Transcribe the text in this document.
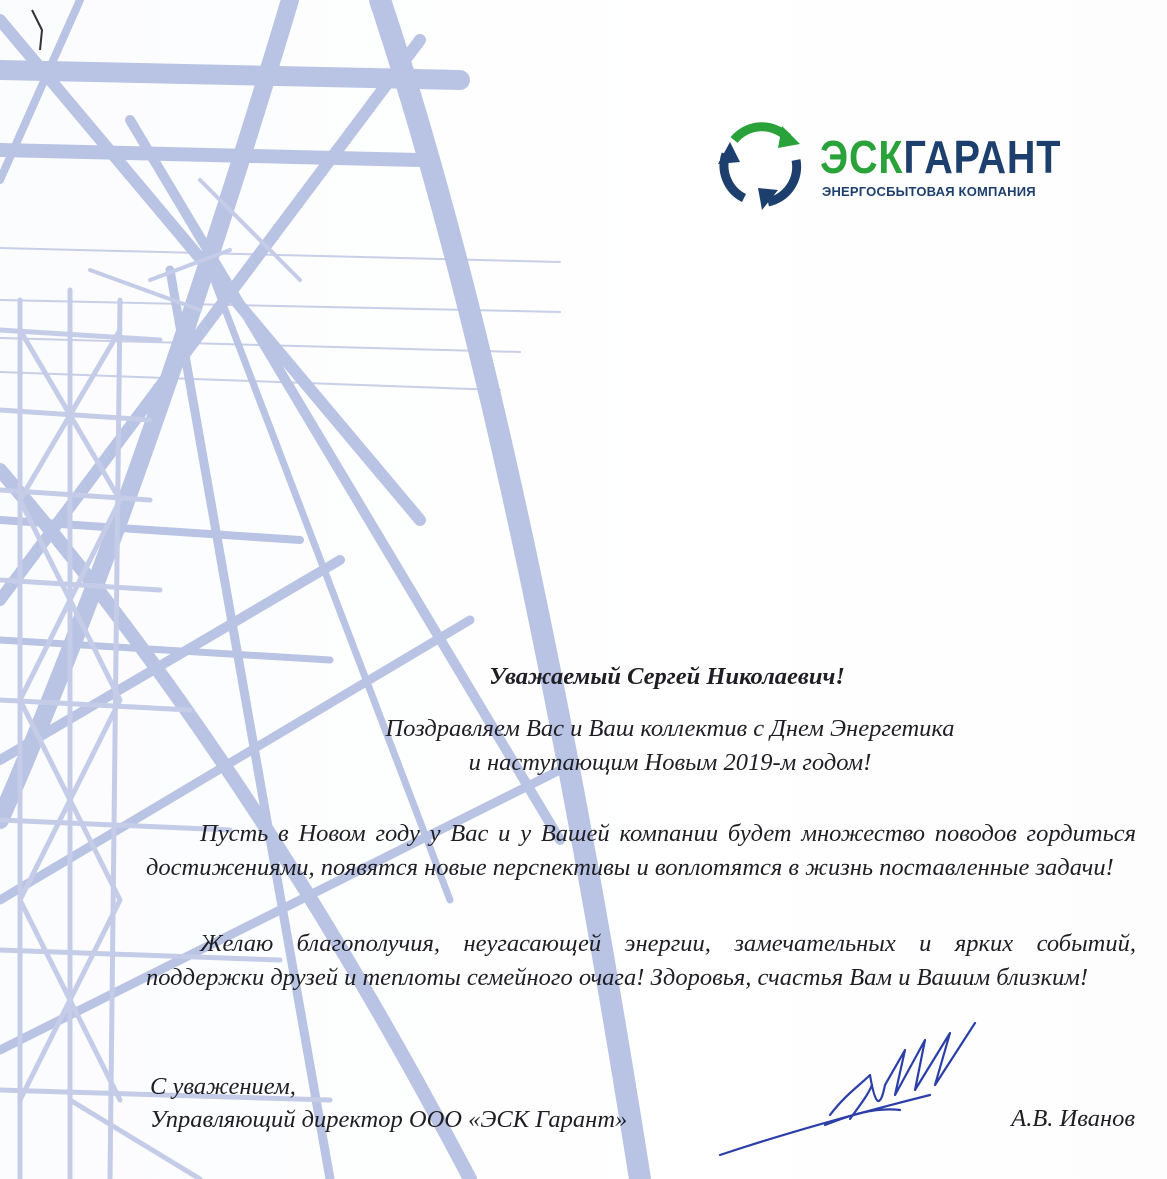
ЭСКГАРАНТ
ЭНЕРГОСБЫТОВАЯ КОМПАНИЯ
Уважаемый Сергей Николаевич!
Поздравляем Вас и Ваш коллектив с Днем Энергетика
и наступающим Новым 2019-м годом!
Пусть в Новом году у Вас и у Вашей компании будет множество поводов гордиться достижениями, появятся новые перспективы и воплотятся в жизнь поставленные задачи!
Желаю благополучия, неугасающей энергии, замечательных и ярких событий, поддержки друзей и теплоты семейного очага! Здоровья, счастья Вам и Вашим близким!
С уважением,
Управляющий директор ООО «ЭСК Гарант»	А.В. Иванов
